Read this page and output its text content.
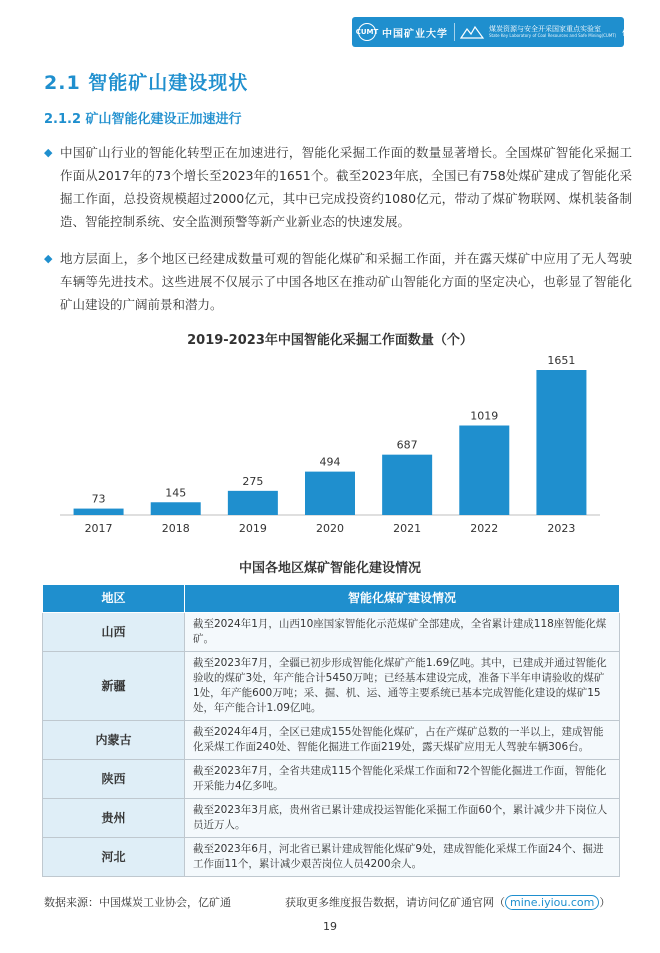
CUMT 中国矿业大学	煤炭资源与安全开采国家重点实验室
State Key Laboratory of Coal Resources and Safe Mining(CUMT) 亿矿通
2.1 智能矿山建设现状
2.1.2 矿山智能化建设正加速进行
◆ 中国矿山行业的智能化转型正在加速进行，智能化采掘工作面的数量显著增长。全国煤矿智能化采掘工作面从2017年的73个增长至2023年的1651个。截至2023年底，全国已有758处煤矿建成了智能化采掘工作面，总投资规模超过2000亿元，其中已完成投资约1080亿元，带动了煤矿物联网、煤机装备制造、智能控制系统、安全监测预警等新产业新业态的快速发展。
◆ 地方层面上，多个地区已经建成数量可观的智能化煤矿和采掘工作面，并在露天煤矿中应用了无人驾驶车辆等先进技术。这些进展不仅展示了中国各地区在推动矿山智能化方面的坚定决心，也彰显了智能化矿山建设的广阔前景和潜力。
2019-2023年中国智能化采掘工作面数量（个）
73
2017
145
2018
275
2019
494
2020
687
2021
1019
2022
1651
2023
中国各地区煤矿智能化建设情况
地区	智能化煤矿建设情况
山西	截至2024年1月，山西10座国家智能化示范煤矿全部建成，全省累计建成118座智能化煤矿。
新疆	截至2023年7月，全疆已初步形成智能化煤矿产能1.69亿吨。其中，已建成并通过智能化验收的煤矿3处，年产能合计5450万吨；已经基本建设完成，准备下半年申请验收的煤矿1处，年产能600万吨；采、掘、机、运、通等主要系统已基本完成智能化建设的煤矿15处，年产能合计1.09亿吨。
内蒙古	截至2024年4月，全区已建成155处智能化煤矿，占在产煤矿总数的一半以上，建成智能化采煤工作面240处、智能化掘进工作面219处，露天煤矿应用无人驾驶车辆306台。
陕西	截至2023年7月，全省共建成115个智能化采煤工作面和72个智能化掘进工作面，智能化开采能力4亿多吨。
贵州	截至2023年3月底，贵州省已累计建成投运智能化采掘工作面60个，累计减少井下岗位人员近万人。
河北	截至2023年6月，河北省已累计建成智能化煤矿9处，建成智能化采煤工作面24个、掘进工作面11个，累计减少艰苦岗位人员4200余人。
数据来源：中国煤炭工业协会，亿矿通	获取更多维度报告数据，请访问亿矿通官网（ mine.iyiou.com ）
19
